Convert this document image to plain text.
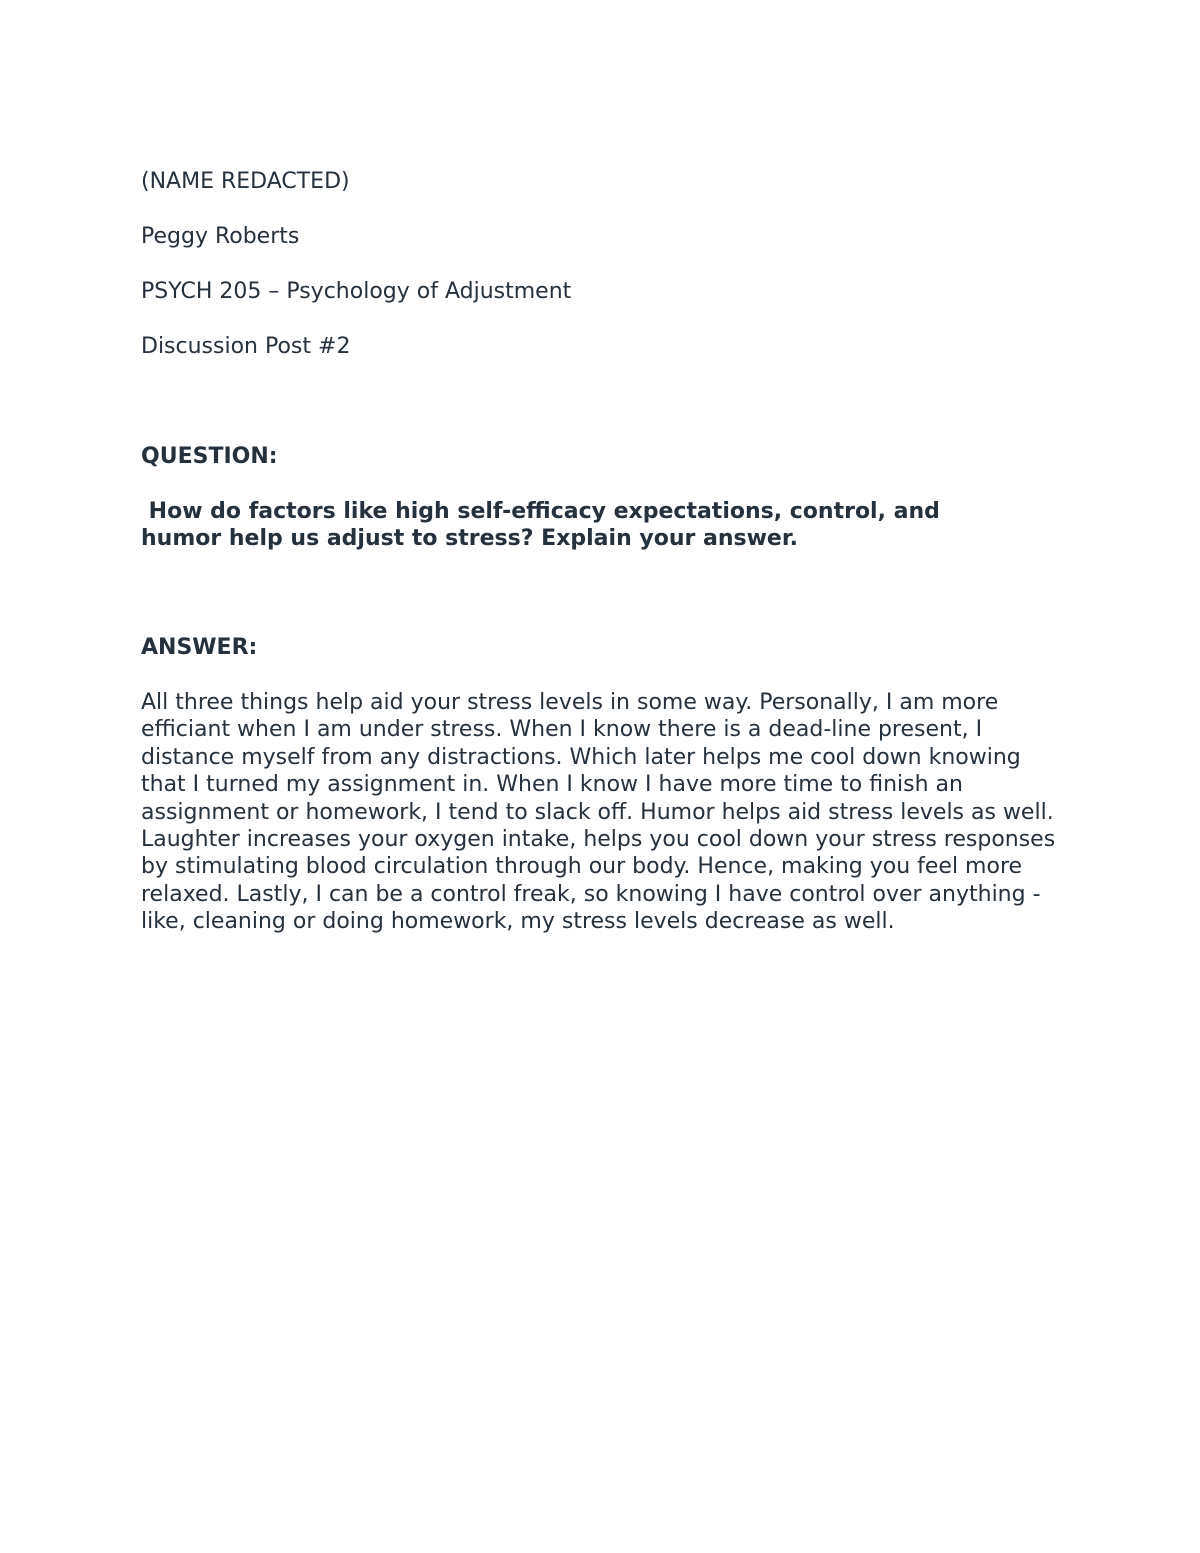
(NAME REDACTED)

Peggy Roberts

PSYCH 205 – Psychology of Adjustment

Discussion Post #2

QUESTION:

How do factors like high self-efficacy expectations, control, and humor help us adjust to stress? Explain your answer.

ANSWER:

All three things help aid your stress levels in some way. Personally, I am more efficiant when I am under stress. When I know there is a dead-line present, I distance myself from any distractions. Which later helps me cool down knowing that I turned my assignment in. When I know I have more time to finish an assignment or homework, I tend to slack off. Humor helps aid stress levels as well. Laughter increases your oxygen intake, helps you cool down your stress responses by stimulating blood circulation through our body. Hence, making you feel more relaxed. Lastly, I can be a control freak, so knowing I have control over anything - like, cleaning or doing homework, my stress levels decrease as well.
